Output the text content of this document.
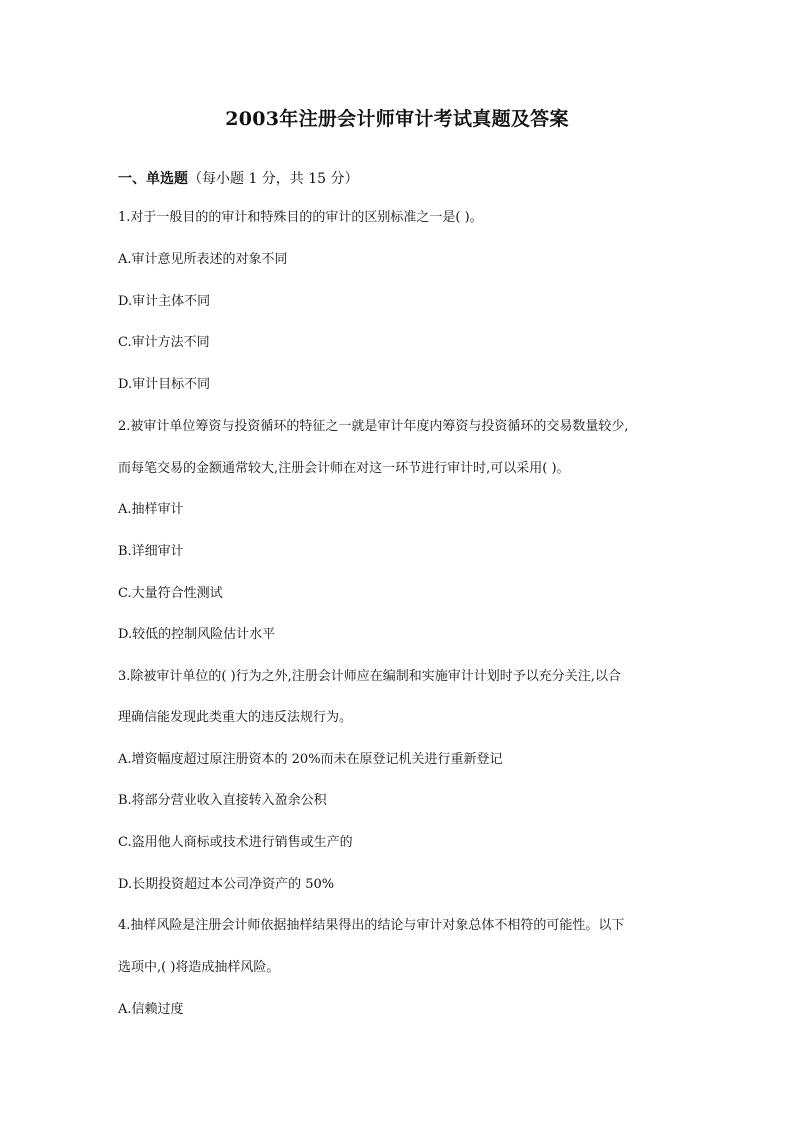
2003年注册会计师审计考试真题及答案
一、单选题（每小题 1 分，共 15 分）
1.对于一般目的的审计和特殊目的的审计的区别标准之一是( )。
A.审计意见所表述的对象不同
D.审计主体不同
C.审计方法不同
D.审计目标不同
2.被审计单位筹资与投资循环的特征之一就是审计年度内筹资与投资循环的交易数量较少,
而每笔交易的金额通常较大,注册会计师在对这一环节进行审计时,可以采用( )。
A.抽样审计
B.详细审计
C.大量符合性测试
D.较低的控制风险估计水平
3.除被审计单位的( )行为之外,注册会计师应在编制和实施审计计划时予以充分关注,以合
理确信能发现此类重大的违反法规行为。
A.增资幅度超过原注册资本的 20%而未在原登记机关进行重新登记
B.将部分营业收入直接转入盈余公积
C.盗用他人商标或技术进行销售或生产的
D.长期投资超过本公司净资产的 50%
4.抽样风险是注册会计师依据抽样结果得出的结论与审计对象总体不相符的可能性。以下
选项中,( )将造成抽样风险。
A.信赖过度
